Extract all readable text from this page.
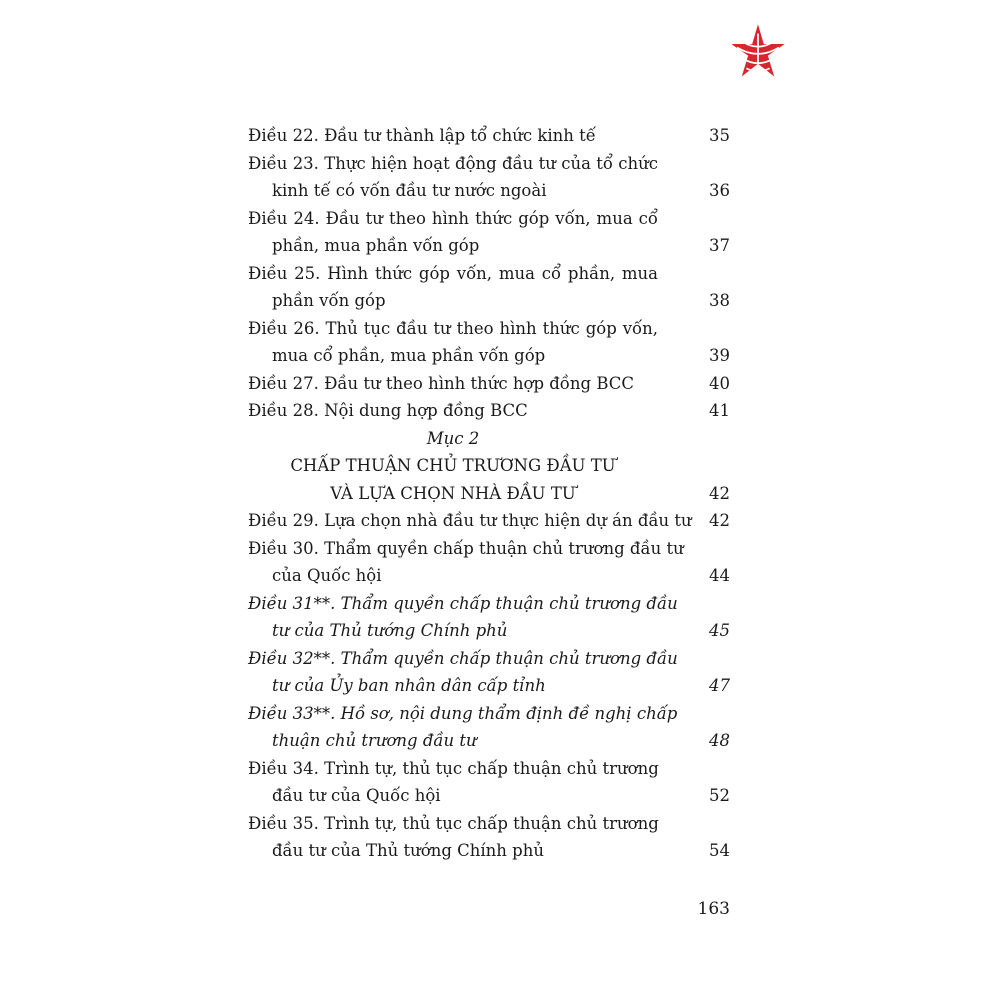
Điều 22. Đầu tư thành lập tổ chức kinh tế	35
Điều 23. Thực hiện hoạt động đầu tư của tổ chức
kinh tế có vốn đầu tư nước ngoài	36
Điều 24. Đầu tư theo hình thức góp vốn, mua cổ
phần, mua phần vốn góp	37
Điều 25. Hình thức góp vốn, mua cổ phần, mua
phần vốn góp	38
Điều 26. Thủ tục đầu tư theo hình thức góp vốn,
mua cổ phần, mua phần vốn góp	39
Điều 27. Đầu tư theo hình thức hợp đồng BCC	40
Điều 28. Nội dung hợp đồng BCC	41
Mục 2
CHẤP THUẬN CHỦ TRƯƠNG ĐẦU TƯ
VÀ LỰA CHỌN NHÀ ĐẦU TƯ	42
Điều 29. Lựa chọn nhà đầu tư thực hiện dự án đầu tư 42
Điều 30. Thẩm quyền chấp thuận chủ trương đầu tư
của Quốc hội	44
Điều 31**. Thẩm quyền chấp thuận chủ trương đầu
tư của Thủ tướng Chính phủ	45
Điều 32**. Thẩm quyền chấp thuận chủ trương đầu
tư của Ủy ban nhân dân cấp tỉnh	47
Điều 33**. Hồ sơ, nội dung thẩm định đề nghị chấp
thuận chủ trương đầu tư	48
Điều 34. Trình tự, thủ tục chấp thuận chủ trương
đầu tư của Quốc hội	52
Điều 35. Trình tự, thủ tục chấp thuận chủ trương
đầu tư của Thủ tướng Chính phủ	54
163
